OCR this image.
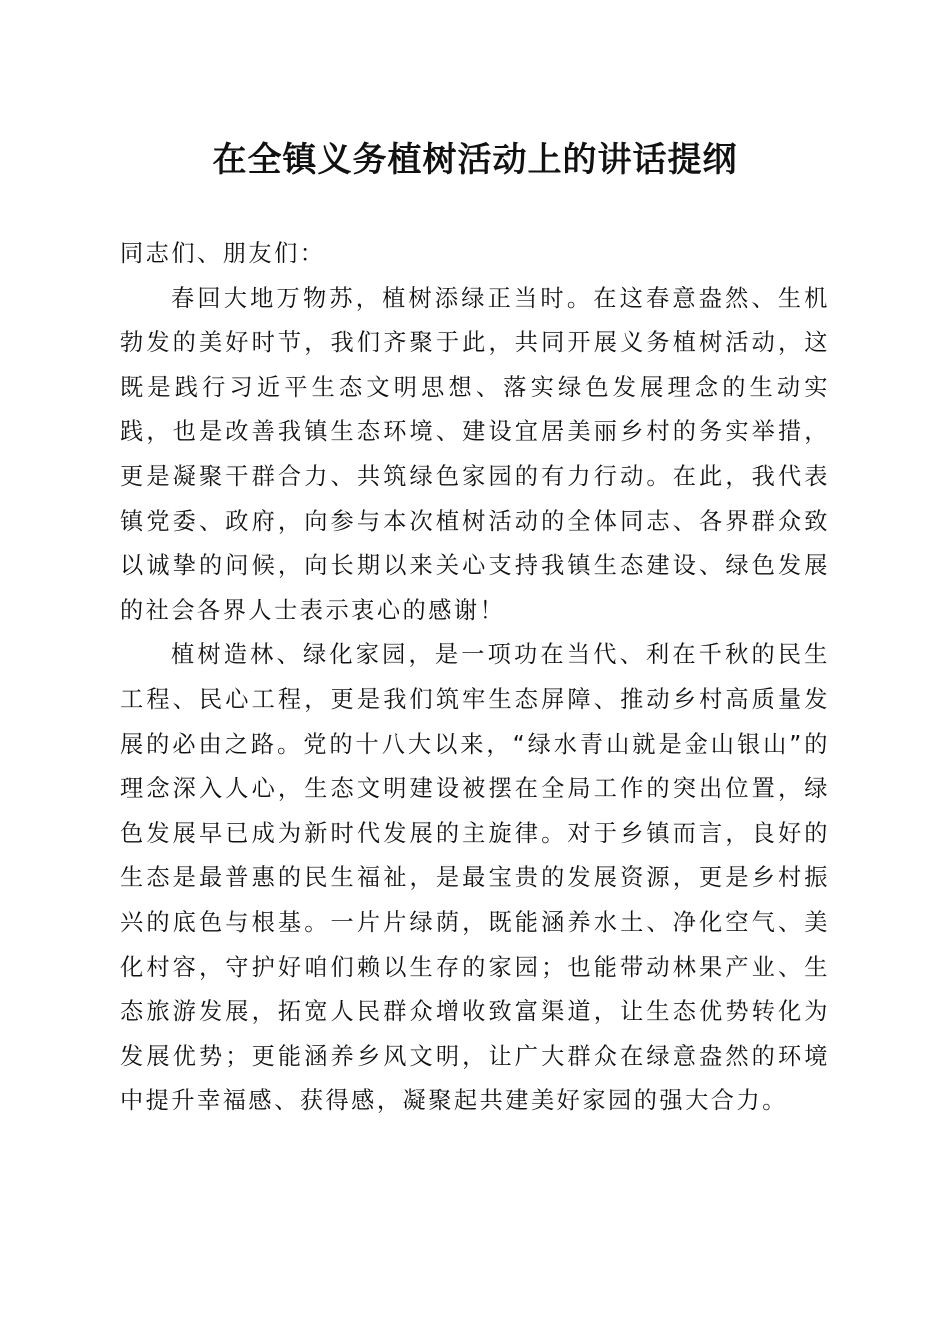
在全镇义务植树活动上的讲话提纲

同志们、朋友们：

春回大地万物苏，植树添绿正当时。在这春意盎然、生机勃发的美好时节，我们齐聚于此，共同开展义务植树活动，这既是践行习近平生态文明思想、落实绿色发展理念的生动实践，也是改善我镇生态环境、建设宜居美丽乡村的务实举措，更是凝聚干群合力、共筑绿色家园的有力行动。在此，我代表镇党委、政府，向参与本次植树活动的全体同志、各界群众致以诚挚的问候，向长期以来关心支持我镇生态建设、绿色发展的社会各界人士表示衷心的感谢！

植树造林、绿化家园，是一项功在当代、利在千秋的民生工程、民心工程，更是我们筑牢生态屏障、推动乡村高质量发展的必由之路。党的十八大以来，“绿水青山就是金山银山”的理念深入人心，生态文明建设被摆在全局工作的突出位置，绿色发展早已成为新时代发展的主旋律。对于乡镇而言，良好的生态是最普惠的民生福祉，是最宝贵的发展资源，更是乡村振兴的底色与根基。一片片绿荫，既能涵养水土、净化空气、美化村容，守护好咱们赖以生存的家园；也能带动林果产业、生态旅游发展，拓宽人民群众增收致富渠道，让生态优势转化为发展优势；更能涵养乡风文明，让广大群众在绿意盎然的环境中提升幸福感、获得感，凝聚起共建美好家园的强大合力。
